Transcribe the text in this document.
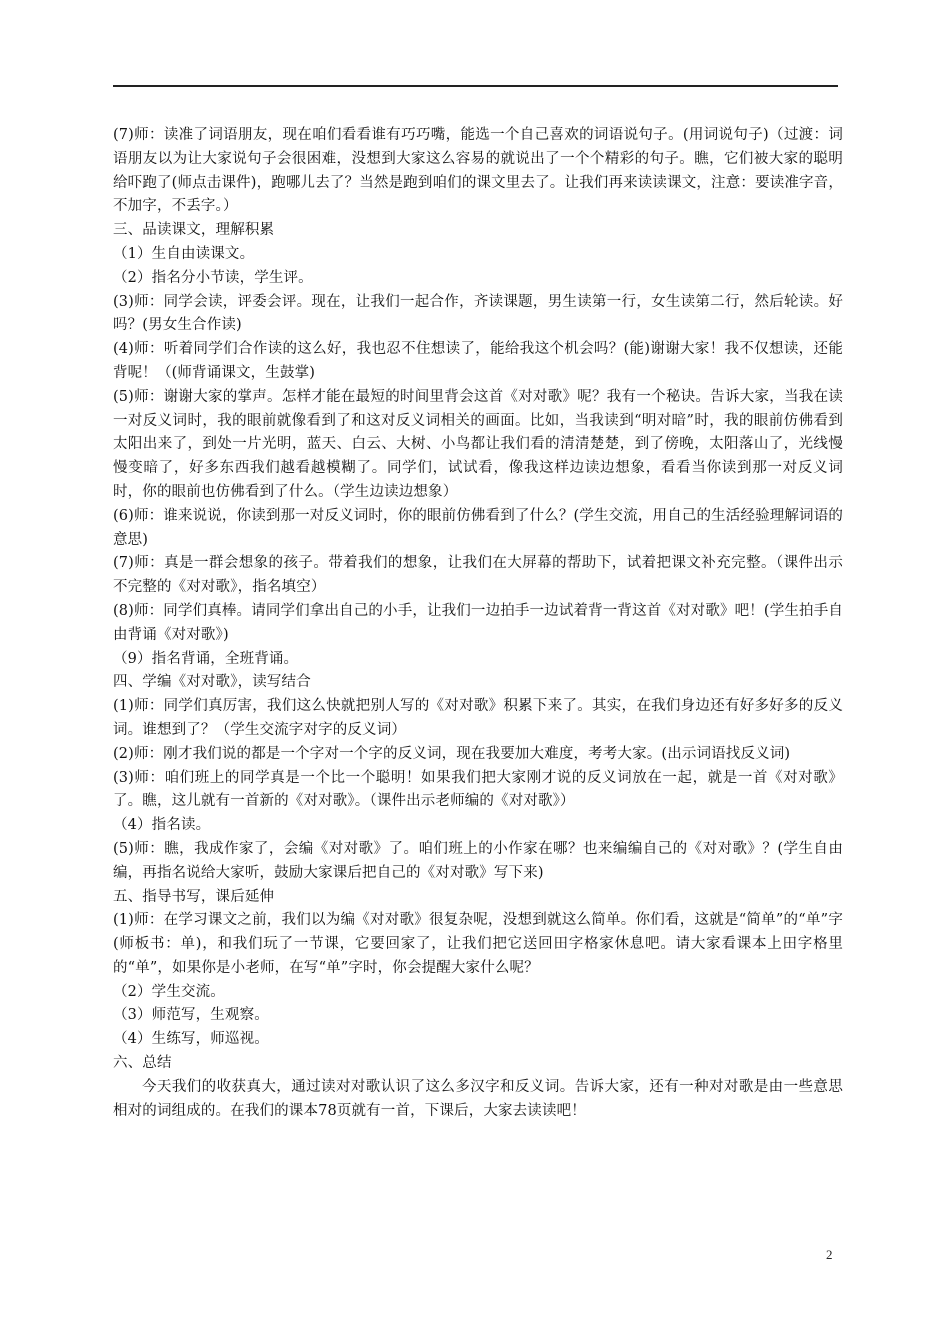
(7)师：读准了词语朋友，现在咱们看看谁有巧巧嘴，能选一个自己喜欢的词语说句子。(用词说句子)（过渡：词语朋友以为让大家说句子会很困难，没想到大家这么容易的就说出了一个个精彩的句子。瞧，它们被大家的聪明给吓跑了(师点击课件)，跑哪儿去了？当然是跑到咱们的课文里去了。让我们再来读读课文，注意：要读准字音，不加字，不丢字。）

三、品读课文，理解积累

（1）生自由读课文。

（2）指名分小节读，学生评。

(3)师：同学会读，评委会评。现在，让我们一起合作，齐读课题，男生读第一行，女生读第二行，然后轮读。好吗？(男女生合作读)

(4)师：听着同学们合作读的这么好，我也忍不住想读了，能给我这个机会吗？(能)谢谢大家！我不仅想读，还能背呢！（(师背诵课文，生鼓掌)

(5)师：谢谢大家的掌声。怎样才能在最短的时间里背会这首《对对歌》呢？我有一个秘诀。告诉大家，当我在读一对反义词时，我的眼前就像看到了和这对反义词相关的画面。比如，当我读到“明对暗”时，我的眼前仿佛看到太阳出来了，到处一片光明，蓝天、白云、大树、小鸟都让我们看的清清楚楚，到了傍晚，太阳落山了，光线慢慢变暗了，好多东西我们越看越模糊了。同学们，试试看，像我这样边读边想象，看看当你读到那一对反义词时，你的眼前也仿佛看到了什么。（学生边读边想象）

(6)师：谁来说说，你读到那一对反义词时，你的眼前仿佛看到了什么？(学生交流，用自己的生活经验理解词语的意思)

(7)师：真是一群会想象的孩子。带着我们的想象，让我们在大屏幕的帮助下，试着把课文补充完整。（课件出示不完整的《对对歌》，指名填空）

(8)师：同学们真棒。请同学们拿出自己的小手，让我们一边拍手一边试着背一背这首《对对歌》吧！(学生拍手自由背诵《对对歌》)

（9）指名背诵，全班背诵。

四、学编《对对歌》，读写结合

(1)师：同学们真厉害，我们这么快就把别人写的《对对歌》积累下来了。其实，在我们身边还有好多好多的反义词。谁想到了？（学生交流字对字的反义词）

(2)师：刚才我们说的都是一个字对一个字的反义词，现在我要加大难度，考考大家。(出示词语找反义词)

(3)师：咱们班上的同学真是一个比一个聪明！如果我们把大家刚才说的反义词放在一起，就是一首《对对歌》了。瞧，这儿就有一首新的《对对歌》。（课件出示老师编的《对对歌》）

（4）指名读。

(5)师：瞧，我成作家了，会编《对对歌》了。咱们班上的小作家在哪？也来编编自己的《对对歌》？(学生自由编，再指名说给大家听，鼓励大家课后把自己的《对对歌》写下来)

五、指导书写，课后延伸

(1)师：在学习课文之前，我们以为编《对对歌》很复杂呢，没想到就这么简单。你们看，这就是“简单”的“单”字(师板书：单)，和我们玩了一节课，它要回家了，让我们把它送回田字格家休息吧。请大家看课本上田字格里的“单”，如果你是小老师，在写“单”字时，你会提醒大家什么呢？

（2）学生交流。

（3）师范写，生观察。

（4）生练写，师巡视。

六、总结

今天我们的收获真大，通过读对对歌认识了这么多汉字和反义词。告诉大家，还有一种对对歌是由一些意思相对的词组成的。在我们的课本78页就有一首，下课后，大家去读读吧！

2
